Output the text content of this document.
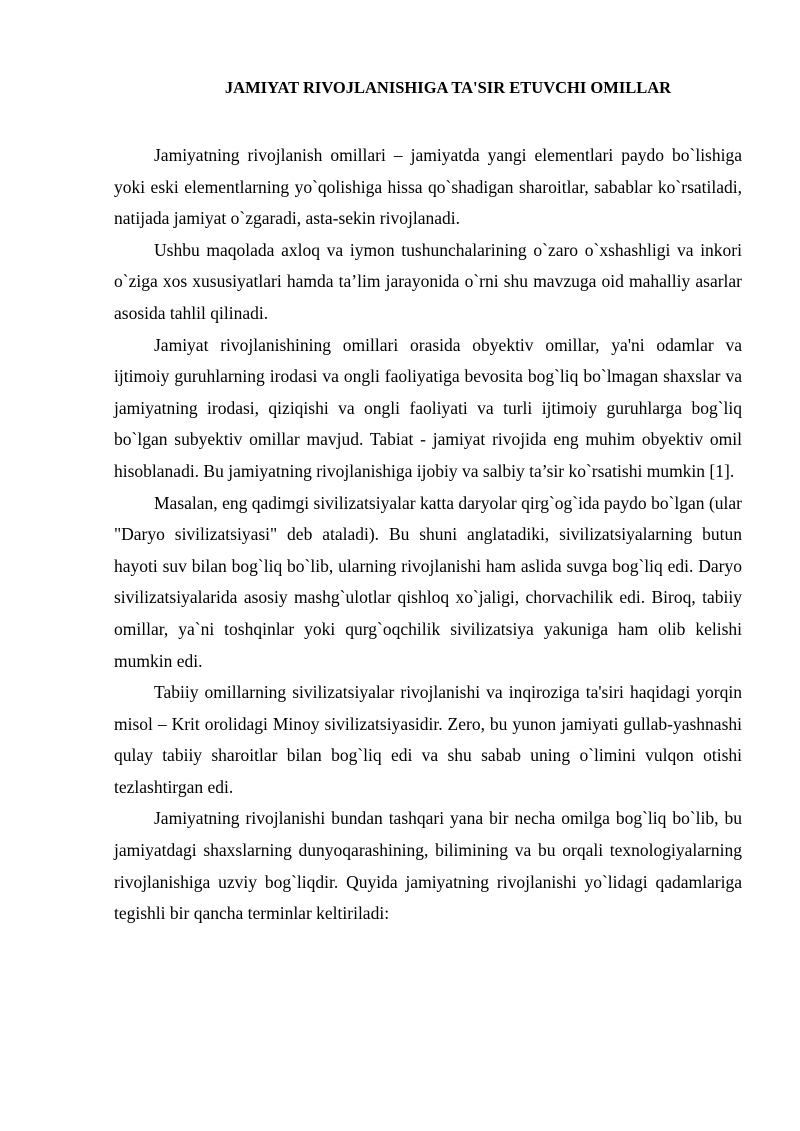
JAMIYAT RIVOJLANISHIGA TA'SIR ETUVCHI OMILLAR

Jamiyatning rivojlanish omillari – jamiyatda yangi elementlari paydo bo`lishiga yoki eski elementlarning yo`qolishiga hissa qo`shadigan sharoitlar, sabablar ko`rsatiladi, natijada jamiyat o`zgaradi, asta-sekin rivojlanadi.

Ushbu maqolada axloq va iymon tushunchalarining o`zaro o`xshashligi va inkori o`ziga xos xususiyatlari hamda ta’lim jarayonida o`rni shu mavzuga oid mahalliy asarlar asosida tahlil qilinadi.

Jamiyat rivojlanishining omillari orasida obyektiv omillar, ya'ni odamlar va ijtimoiy guruhlarning irodasi va ongli faoliyatiga bevosita bog`liq bo`lmagan shaxslar va jamiyatning irodasi, qiziqishi va ongli faoliyati va turli ijtimoiy guruhlarga bog`liq bo`lgan subyektiv omillar mavjud. Tabiat - jamiyat rivojida eng muhim obyektiv omil hisoblanadi. Bu jamiyatning rivojlanishiga ijobiy va salbiy ta’sir ko`rsatishi mumkin [1].

Masalan, eng qadimgi sivilizatsiyalar katta daryolar qirg`og`ida paydo bo`lgan (ular "Daryo sivilizatsiyasi" deb ataladi). Bu shuni anglatadiki, sivilizatsiyalarning butun hayoti suv bilan bog`liq bo`lib, ularning rivojlanishi ham aslida suvga bog`liq edi. Daryo sivilizatsiyalarida asosiy mashg`ulotlar qishloq xo`jaligi, chorvachilik edi. Biroq, tabiiy omillar, ya`ni toshqinlar yoki qurg`oqchilik sivilizatsiya yakuniga ham olib kelishi mumkin edi.

Tabiiy omillarning sivilizatsiyalar rivojlanishi va inqiroziga ta'siri haqidagi yorqin misol – Krit orolidagi Minoy sivilizatsiyasidir. Zero, bu yunon jamiyati gullab-yashnashi qulay tabiiy sharoitlar bilan bog`liq edi va shu sabab uning o`limini vulqon otishi tezlashtirgan edi.

Jamiyatning rivojlanishi bundan tashqari yana bir necha omilga bog`liq bo`lib, bu jamiyatdagi shaxslarning dunyoqarashining, bilimining va bu orqali texnologiyalarning rivojlanishiga uzviy bog`liqdir. Quyida jamiyatning rivojlanishi yo`lidagi qadamlariga tegishli bir qancha terminlar keltiriladi:
